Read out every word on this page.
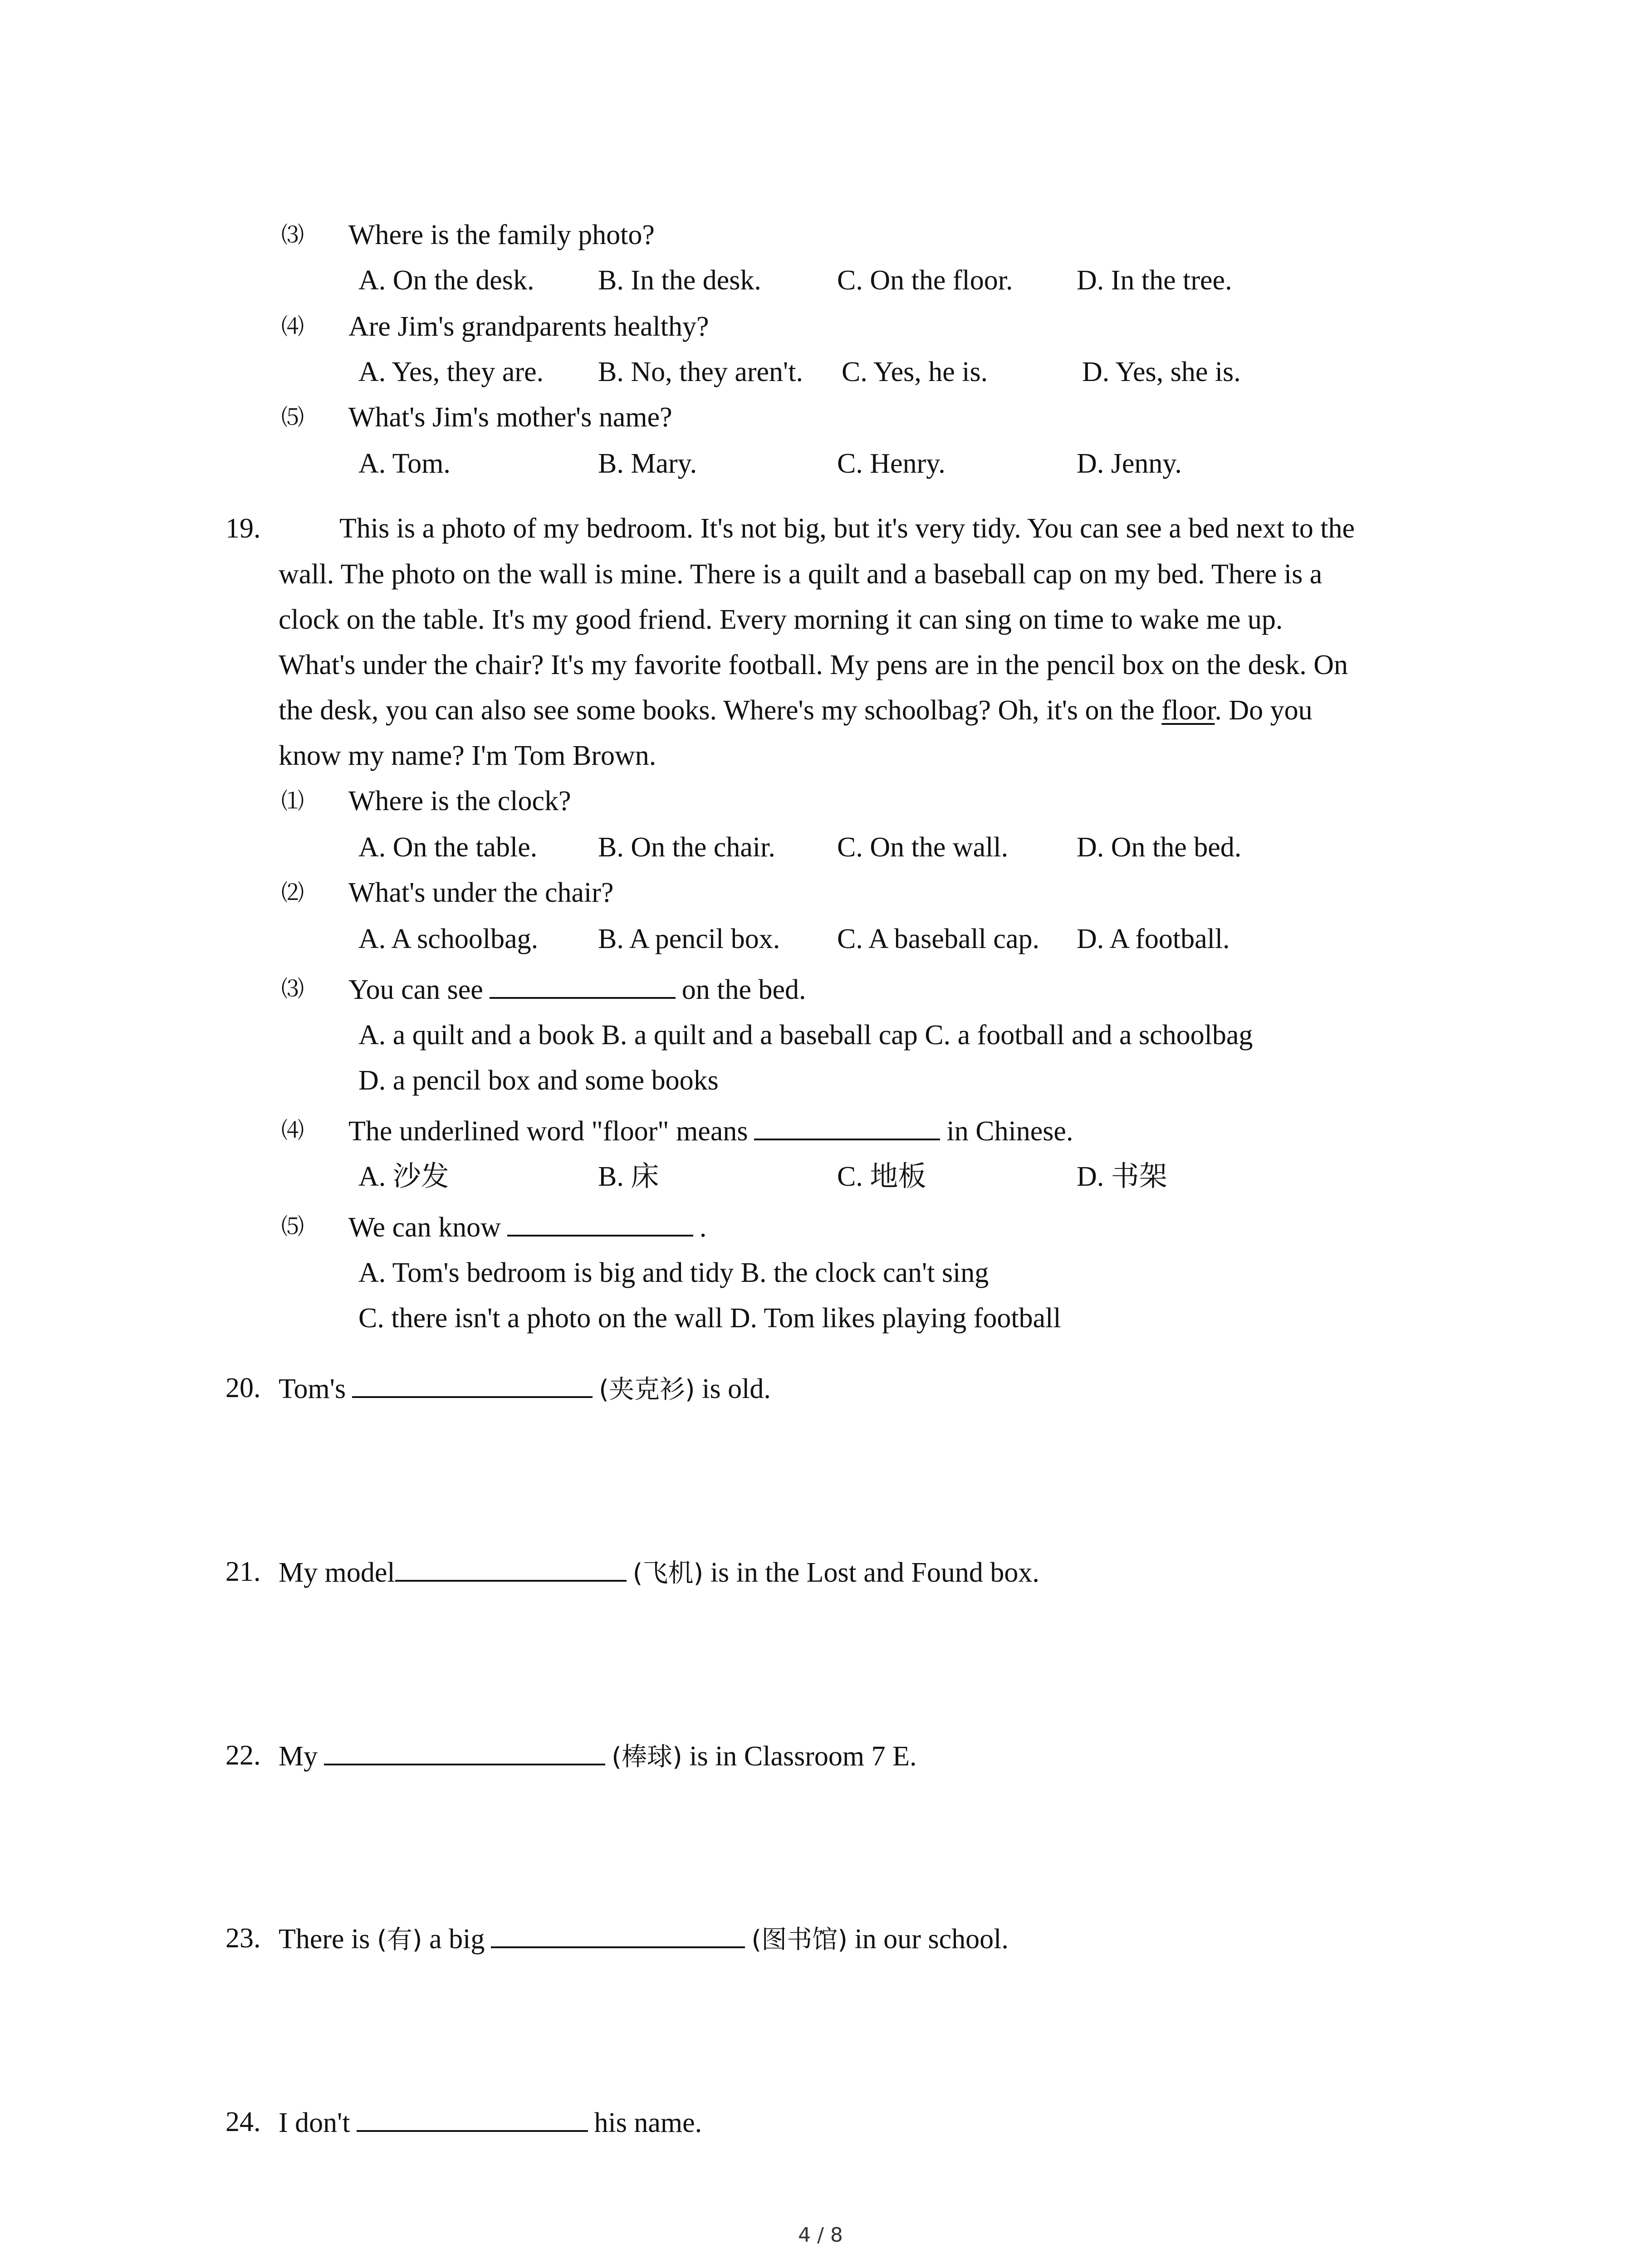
⑶ Where is the family photo?
A. On the desk. B. In the desk.	C. On the floor. D. In the tree.
⑷ Are Jim's grandparents healthy?
A. Yes, they are. B. No, they aren't. C. Yes, he is.	D. Yes, she is.
⑸ What's Jim's mother's name?
A. Tom.	B. Mary.	C. Henry.	D. Jenny.
19.	This is a photo of my bedroom. It's not big, but it's very tidy. You can see a bed next to the
wall. The photo on the wall is mine. There is a quilt and a baseball cap on my bed. There is a
clock on the table. It's my good friend. Every morning it can sing on time to wake me up.
What's under the chair? It's my favorite football. My pens are in the pencil box on the desk. On
the desk, you can also see some books. Where's my schoolbag? Oh, it's on the floor. Do you
know my name? I'm Tom Brown.
⑴ Where is the clock?
A. On the table. B. On the chair. C. On the wall. D. On the bed.
⑵ What's under the chair?
A. A schoolbag. B. A pencil box. C. A baseball cap. D. A football.
⑶ You can see	on the bed.
A. a quilt and a book B. a quilt and a baseball cap C. a football and a schoolbag
D. a pencil box and some books
⑷ The underlined word "floor" means	in Chinese.
A. 沙发	B. 床	C. 地板	D. 书架
⑸ We can know	.
A. Tom's bedroom is big and tidy B. the clock can't sing
C. there isn't a photo on the wall D. Tom likes playing football
20. Tom's	(夹克衫) is old.
21. My model	(飞机) is in the Lost and Found box.
22. My	(棒球) is in Classroom 7 E.
23. There is (有) a big	(图书馆) in our school.
24. I don't	his name.
4 / 8
